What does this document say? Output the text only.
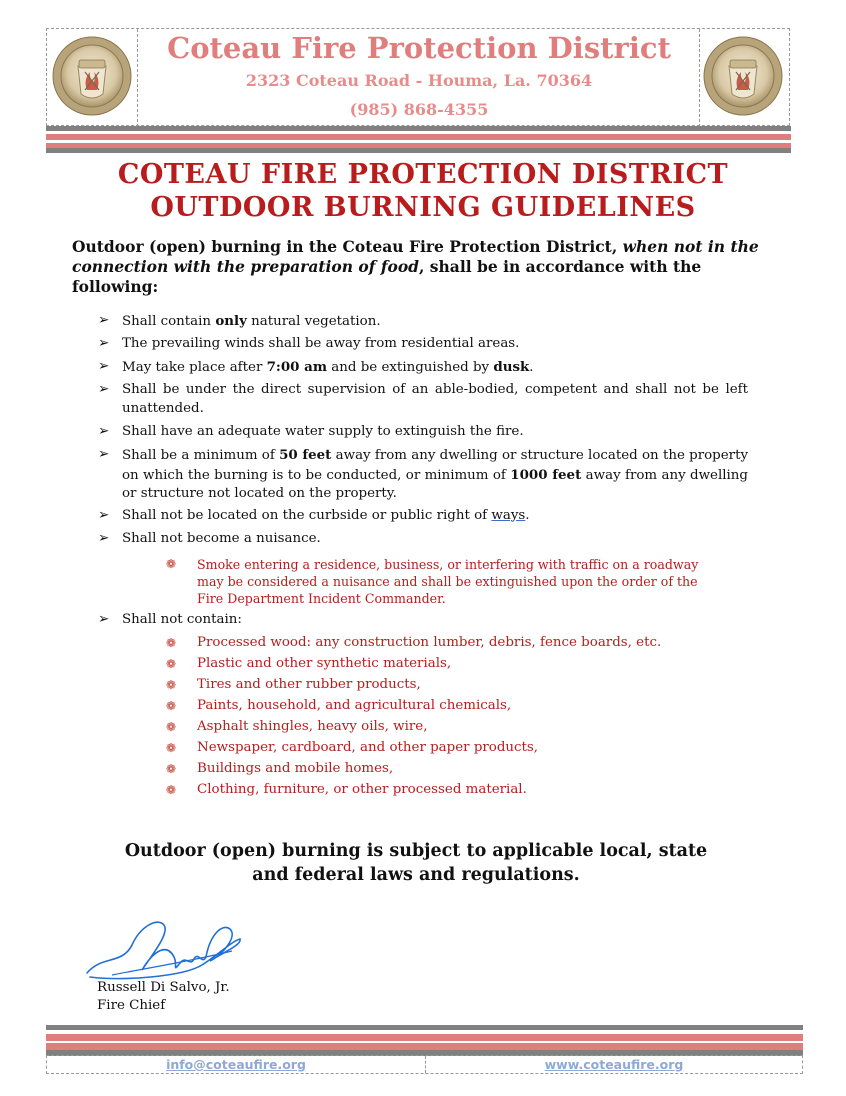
Coteau Fire Protection District
2323 Coteau Road - Houma, La. 70364
(985) 868-4355
COTEAU FIRE PROTECTION DISTRICT
OUTDOOR BURNING GUIDELINES
Outdoor (open) burning in the Coteau Fire Protection District, when not in the connection with the preparation of food, shall be in accordance with the following:
➢ Shall contain only natural vegetation.
➢ The prevailing winds shall be away from residential areas.
➢ May take place after 7:00 am and be extinguished by dusk.
➢ Shall be under the direct supervision of an able-bodied, competent and shall not be left unattended.
➢ Shall have an adequate water supply to extinguish the fire.
➢ Shall be a minimum of 50 feet away from any dwelling or structure located on the property on which the burning is to be conducted, or minimum of 1000 feet away from any dwelling or structure not located on the property.
➢ Shall not be located on the curbside or public right of ways.
➢ Shall not become a nuisance.
❁ Smoke entering a residence, business, or interfering with traffic on a roadway may be considered a nuisance and shall be extinguished upon the order of the Fire Department Incident Commander.
➢ Shall not contain:
❁ Processed wood: any construction lumber, debris, fence boards, etc.
❁ Plastic and other synthetic materials,
❁ Tires and other rubber products,
❁ Paints, household, and agricultural chemicals,
❁ Asphalt shingles, heavy oils, wire,
❁ Newspaper, cardboard, and other paper products,
❁ Buildings and mobile homes,
❁ Clothing, furniture, or other processed material.
Outdoor (open) burning is subject to applicable local, state
and federal laws and regulations.
Russell Di Salvo, Jr.
Fire Chief
info@coteaufire.org	www.coteaufire.org
